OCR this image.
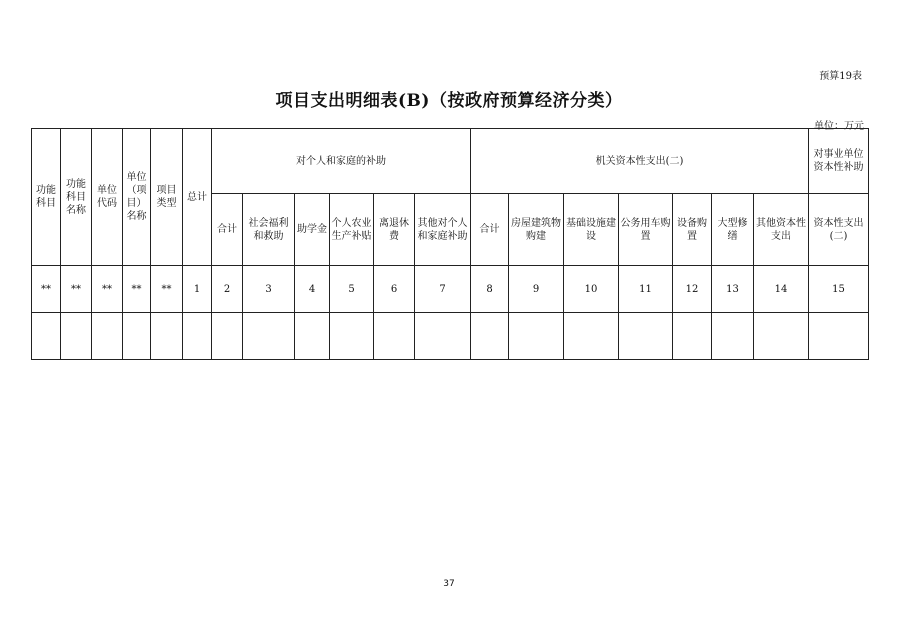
预算19表
项目支出明细表(B)（按政府预算经济分类）
单位：万元
功能科目	功能科目名称	单位代码	单位（项目）名称	项目类型	总计	对个人和家庭的补助						机关资本性支出(二)							对事业单位资本性补助
						合计	社会福利和救助	助学金	个人农业生产补贴	离退休费	其他对个人和家庭补助	合计	房屋建筑物购建	基础设施建设	公务用车购置	设备购置	大型修缮	其他资本性支出	资本性支出(二)
**	**	**	**	**	1	2	3	4	5	6	7	8	9	10	11	12	13	14	15

37
